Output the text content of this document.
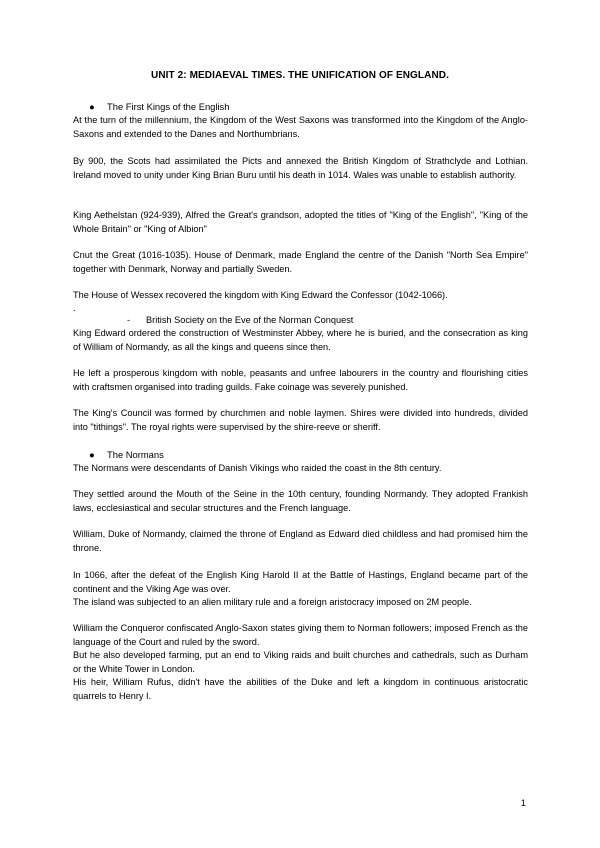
UNIT 2: MEDIAEVAL TIMES. THE UNIFICATION OF ENGLAND.
● The First Kings of the English
At the turn of the millennium, the Kingdom of the West Saxons was transformed into the Kingdom of the Anglo-Saxons and extended to the Danes and Northumbrians.
By 900, the Scots had assimilated the Picts and annexed the British Kingdom of Strathclyde and Lothian. Ireland moved to unity under King Brian Buru until his death in 1014. Wales was unable to establish authority.
King Aethelstan (924-939), Alfred the Great's grandson, adopted the titles of "King of the English", "King of the Whole Britain" or "King of Albion"
Cnut the Great (1016-1035). House of Denmark, made England the centre of the Danish "North Sea Empire" together with Denmark, Norway and partially Sweden.
The House of Wessex recovered the kingdom with King Edward the Confessor (1042-1066).
.
- British Society on the Eve of the Norman Conquest
King Edward ordered the construction of Westminster Abbey, where he is buried, and the consecration as king of William of Normandy, as all the kings and queens since then.
He left a prosperous kingdom with noble, peasants and unfree labourers in the country and flourishing cities with craftsmen organised into trading guilds. Fake coinage was severely punished.
The King's Council was formed by churchmen and noble laymen. Shires were divided into hundreds, divided into "tithings". The royal rights were supervised by the shire-reeve or sheriff.
● The Normans
The Normans were descendants of Danish Vikings who raided the coast in the 8th century.
They settled around the Mouth of the Seine in the 10th century, founding Normandy. They adopted Frankish laws, ecclesiastical and secular structures and the French language.
William, Duke of Normandy, claimed the throne of England as Edward died childless and had promised him the throne.
In 1066, after the defeat of the English King Harold II at the Battle of Hastings, England became part of the continent and the Viking Age was over.
The island was subjected to an alien military rule and a foreign aristocracy imposed on 2M people.
William the Conqueror confiscated Anglo-Saxon states giving them to Norman followers; imposed French as the language of the Court and ruled by the sword.
But he also developed farming, put an end to Viking raids and built churches and cathedrals, such as Durham or the White Tower in London.
His heir, William Rufus, didn't have the abilities of the Duke and left a kingdom in continuous aristocratic quarrels to Henry I.
1
